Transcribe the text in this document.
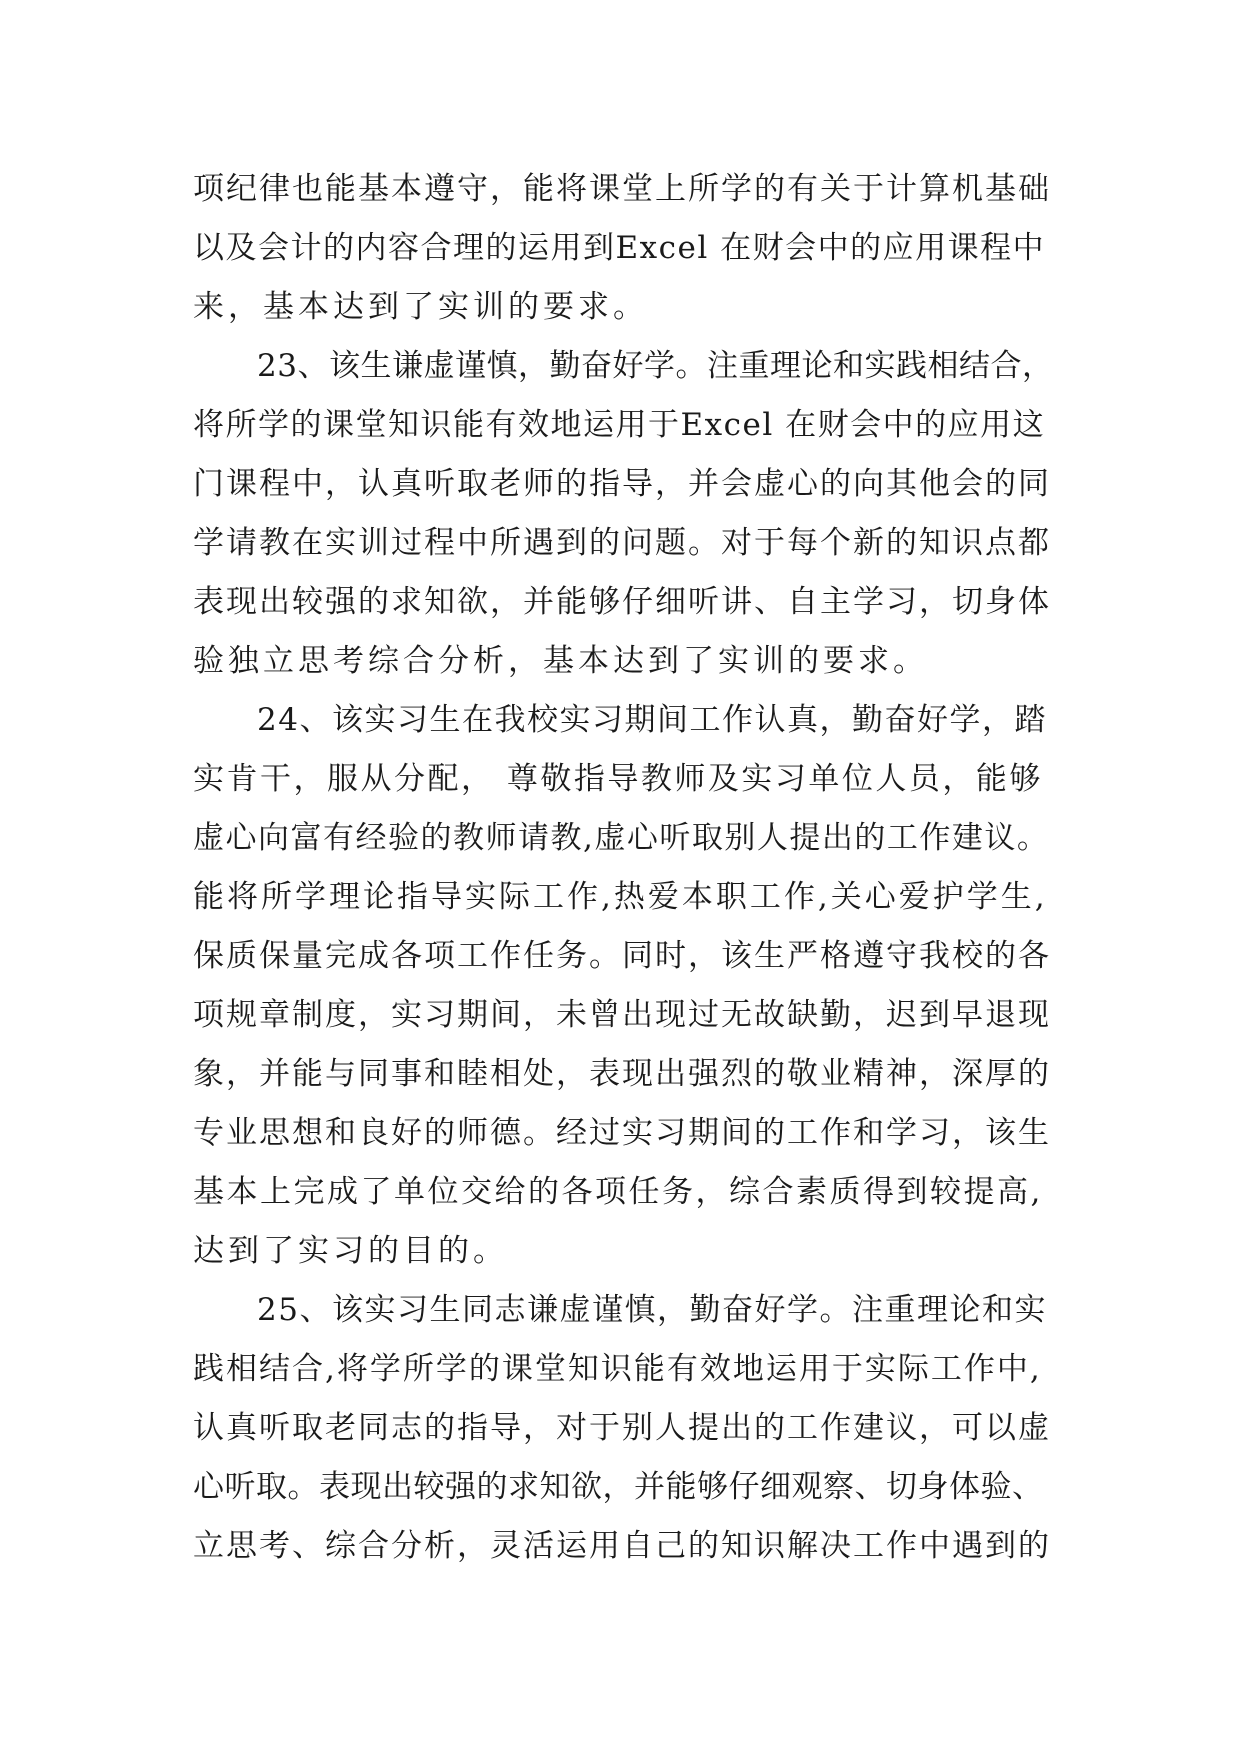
项纪律也能基本遵守，能将课堂上所学的有关于计算机基础
以及会计的内容合理的运用到Excel 在财会中的应用课程中
来，基本达到了实训的要求。
23、该生谦虚谨慎，勤奋好学。注重理论和实践相结合，
将所学的课堂知识能有效地运用于Excel 在财会中的应用这
门课程中，认真听取老师的指导，并会虚心的向其他会的同
学请教在实训过程中所遇到的问题。对于每个新的知识点都
表现出较强的求知欲，并能够仔细听讲、自主学习，切身体
验独立思考综合分析，基本达到了实训的要求。
24、该实习生在我校实习期间工作认真，勤奋好学，踏
实肯干，服从分配， 尊敬指导教师及实习单位人员，能够
虚心向富有经验的教师请教,虚心听取别人提出的工作建议。
能将所学理论指导实际工作,热爱本职工作,关心爱护学生,
保质保量完成各项工作任务。同时，该生严格遵守我校的各
项规章制度，实习期间，未曾出现过无故缺勤，迟到早退现
象，并能与同事和睦相处，表现出强烈的敬业精神，深厚的
专业思想和良好的师德。经过实习期间的工作和学习，该生
基本上完成了单位交给的各项任务，综合素质得到较提高,
达到了实习的目的。
25、该实习生同志谦虚谨慎，勤奋好学。注重理论和实
践相结合,将学所学的课堂知识能有效地运用于实际工作中,
认真听取老同志的指导，对于别人提出的工作建议，可以虚
心听取。表现出较强的求知欲，并能够仔细观察、切身体验、
立思考、综合分析，灵活运用自己的知识解决工作中遇到的
